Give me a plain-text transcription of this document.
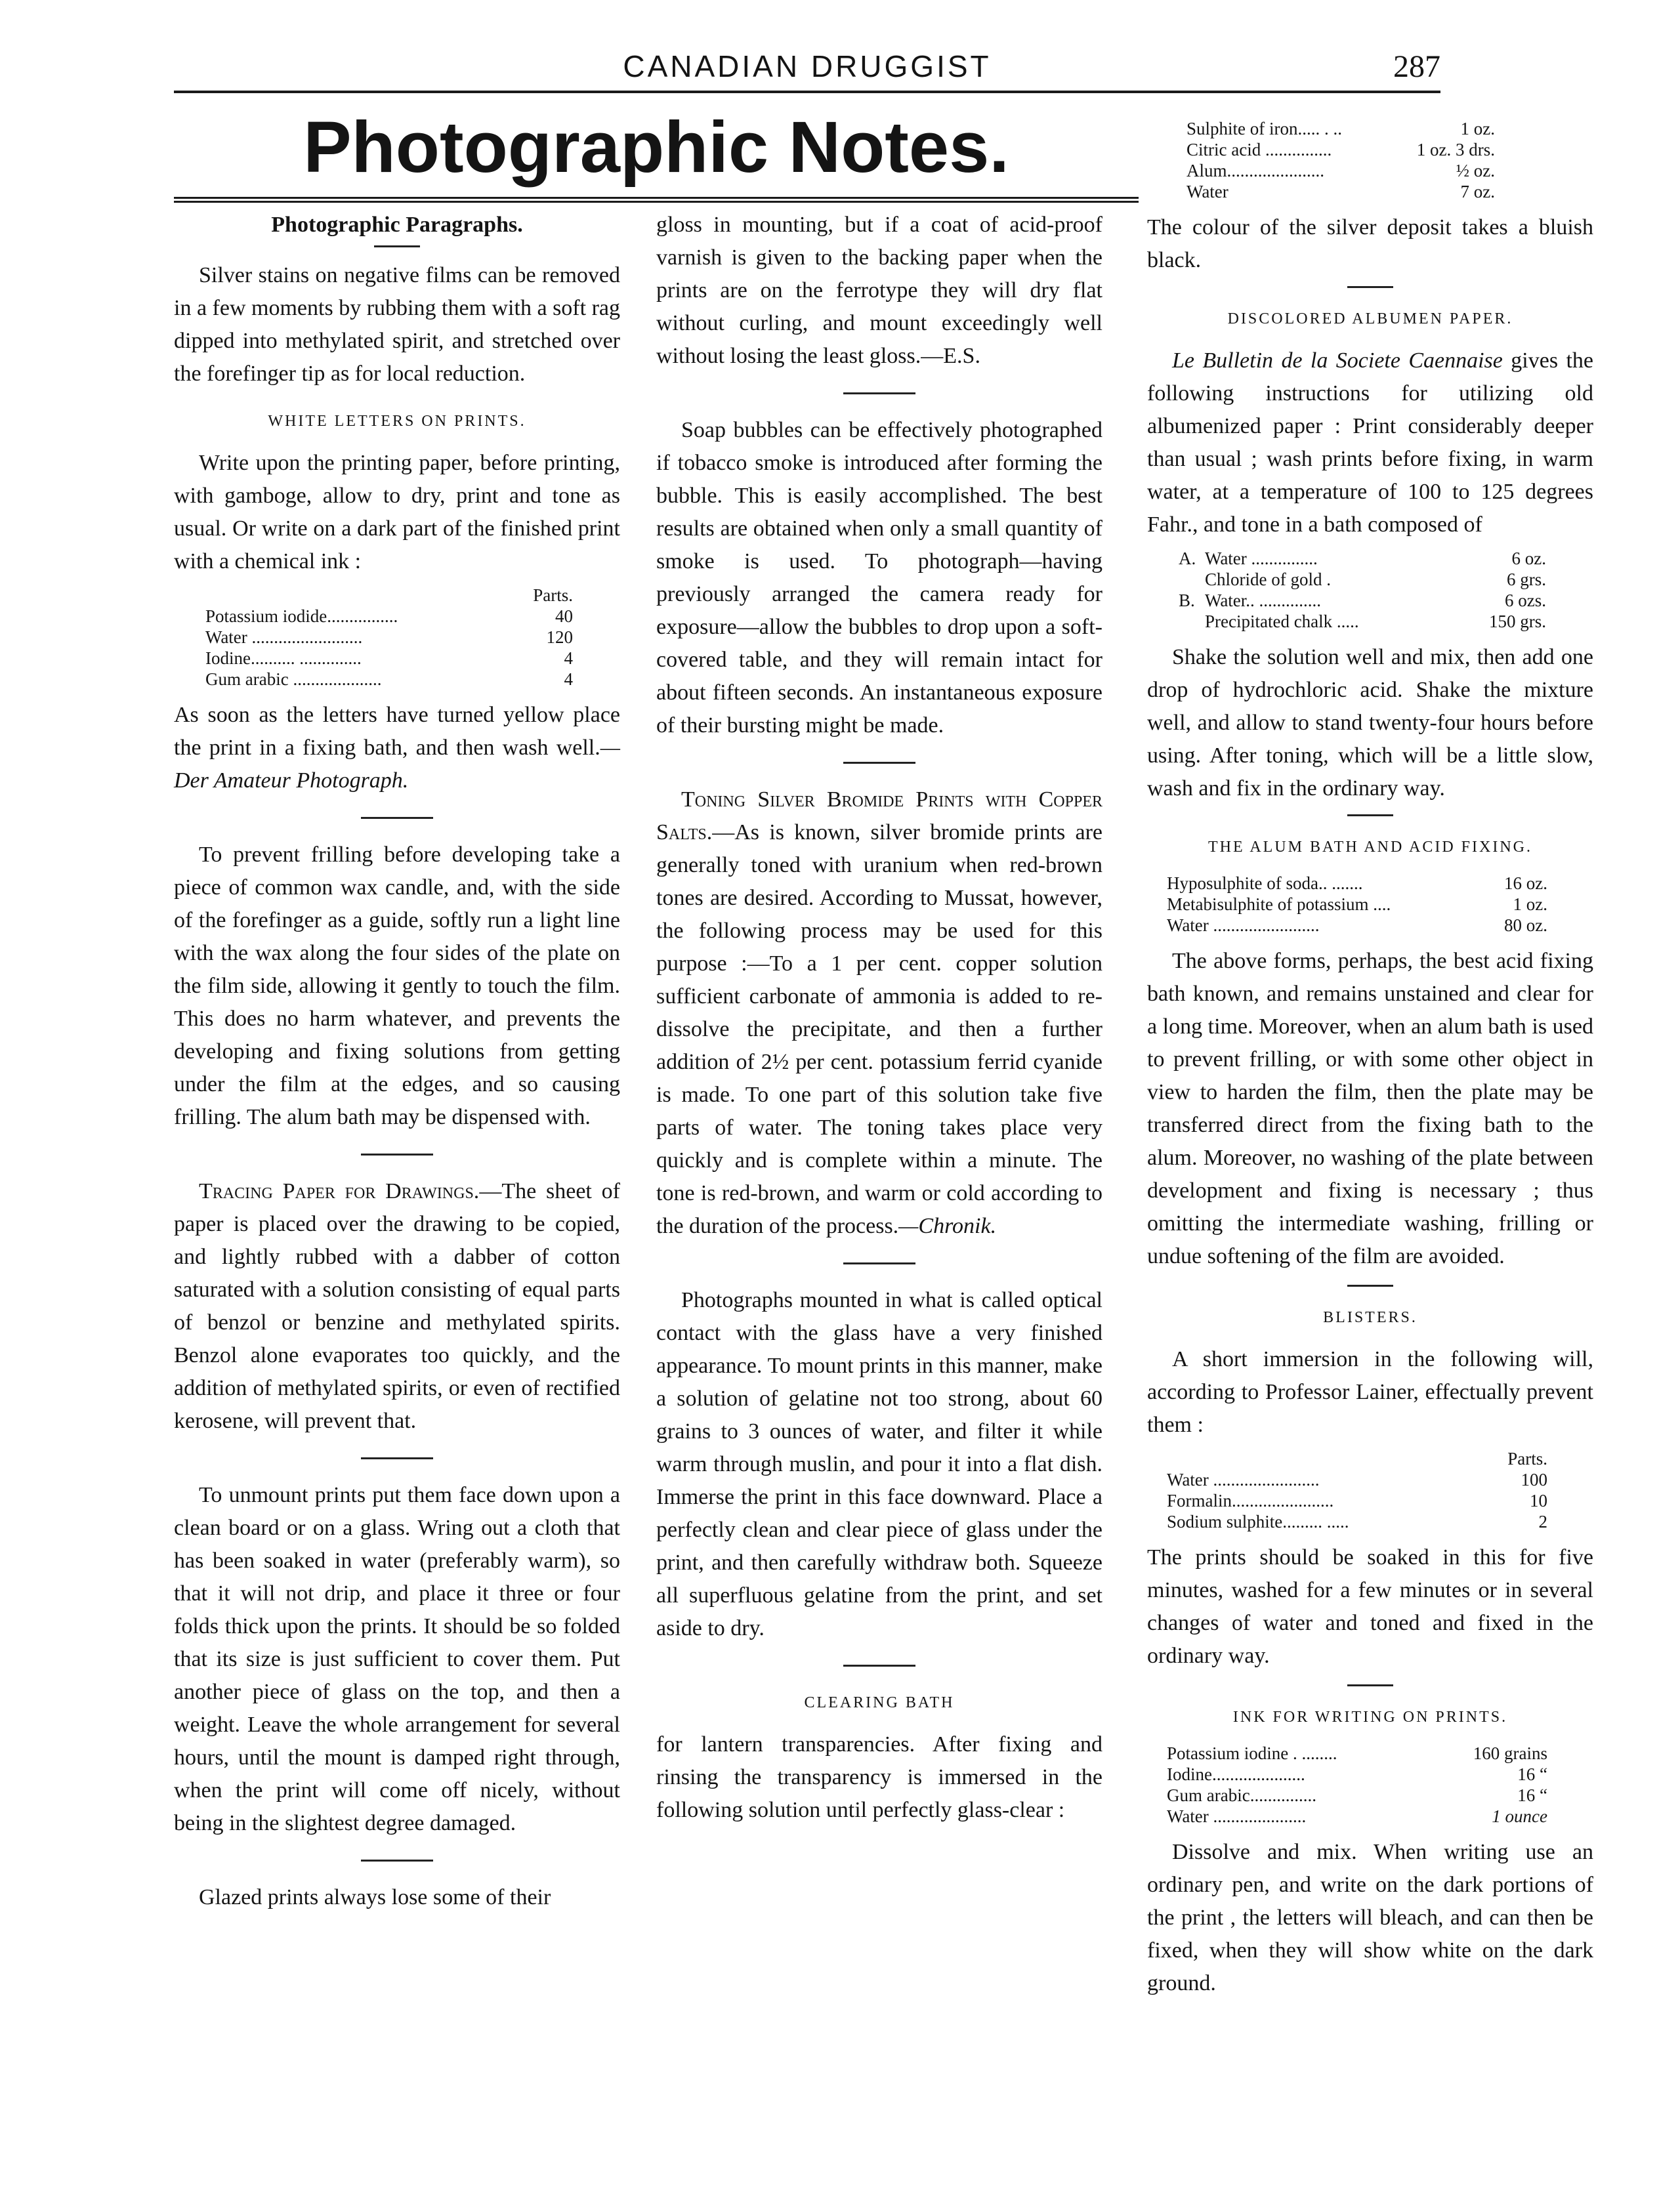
CANADIAN DRUGGIST	287
Photographic Notes.
Photographic Paragraphs.

Silver stains on negative films can be removed in a few moments by rubbing them with a soft rag dipped into methylated spirit, and stretched over the forefinger tip as for local reduction.

WHITE LETTERS ON PRINTS.

Write upon the printing paper, before printing, with gamboge, allow to dry, print and tone as usual. Or write on a dark part of the finished print with a chemical ink :

Parts.
Potassium iodide................	40
Water .........................	120
Iodine.......... ..............	4
Gum arabic ....................	4

As soon as the letters have turned yellow place the print in a fixing bath, and then wash well.—Der Amateur Photograph.

To prevent frilling before developing take a piece of common wax candle, and, with the side of the forefinger as a guide, softly run a light line with the wax along the four sides of the plate on the film side, allowing it gently to touch the film. This does no harm whatever, and prevents the developing and fixing solutions from getting under the film at the edges, and so causing frilling. The alum bath may be dispensed with.

Tracing Paper for Drawings.—The sheet of paper is placed over the drawing to be copied, and lightly rubbed with a dabber of cotton saturated with a solution consisting of equal parts of benzol or benzine and methylated spirits. Benzol alone evaporates too quickly, and the addition of methylated spirits, or even of rectified kerosene, will prevent that.

To unmount prints put them face down upon a clean board or on a glass. Wring out a cloth that has been soaked in water (preferably warm), so that it will not drip, and place it three or four folds thick upon the prints. It should be so folded that its size is just sufficient to cover them. Put another piece of glass on the top, and then a weight. Leave the whole arrangement for several hours, until the mount is damped right through, when the print will come off nicely, without being in the slightest degree damaged.

Glazed prints always lose some of their

gloss in mounting, but if a coat of acid-proof varnish is given to the backing paper when the prints are on the ferrotype they will dry flat without curling, and mount exceedingly well without losing the least gloss.—E.S.

Soap bubbles can be effectively photographed if tobacco smoke is introduced after forming the bubble. This is easily accomplished. The best results are obtained when only a small quantity of smoke is used. To photograph—having previously arranged the camera ready for exposure—allow the bubbles to drop upon a soft-covered table, and they will remain intact for about fifteen seconds. An instantaneous exposure of their bursting might be made.

Toning Silver Bromide Prints with Copper Salts.—As is known, silver bromide prints are generally toned with uranium when red-brown tones are desired. According to Mussat, however, the following process may be used for this purpose :—To a 1 per cent. copper solution sufficient carbonate of ammonia is added to re-dissolve the precipitate, and then a further addition of 2½ per cent. potassium ferrid cyanide is made. To one part of this solution take five parts of water. The toning takes place very quickly and is complete within a minute. The tone is red-brown, and warm or cold according to the duration of the process.—Chronik.

Photographs mounted in what is called optical contact with the glass have a very finished appearance. To mount prints in this manner, make a solution of gelatine not too strong, about 60 grains to 3 ounces of water, and filter it while warm through muslin, and pour it into a flat dish. Immerse the print in this face downward. Place a perfectly clean and clear piece of glass under the print, and then carefully withdraw both. Squeeze all superfluous gelatine from the print, and set aside to dry.

CLEARING BATH

for lantern transparencies. After fixing and rinsing the transparency is immersed in the following solution until perfectly glass-clear :

Sulphite of iron..... . ..	1 oz.
Citric acid ...............	1 oz. 3 drs.
Alum......................	½ oz.
Water	7 oz.

The colour of the silver deposit takes a bluish black.

DISCOLORED ALBUMEN PAPER.

Le Bulletin de la Societe Caennaise gives the following instructions for utilizing old albumenized paper : Print considerably deeper than usual ; wash prints before fixing, in warm water, at a temperature of 100 to 125 degrees Fahr., and tone in a bath composed of

A. Water ...............	6 oz.
Chloride of gold .	6 grs.
B. Water.. ..............	6 ozs.
Precipitated chalk .....	150 grs.

Shake the solution well and mix, then add one drop of hydrochloric acid. Shake the mixture well, and allow to stand twenty-four hours before using. After toning, which will be a little slow, wash and fix in the ordinary way.

THE ALUM BATH AND ACID FIXING.
Hyposulphite of soda.. .......	16 oz.
Metabisulphite of potassium ....	1 oz.
Water ........................	80 oz.

The above forms, perhaps, the best acid fixing bath known, and remains unstained and clear for a long time. Moreover, when an alum bath is used to prevent frilling, or with some other object in view to harden the film, then the plate may be transferred direct from the fixing bath to the alum. Moreover, no washing of the plate between development and fixing is necessary ; thus omitting the intermediate washing, frilling or undue softening of the film are avoided.

BLISTERS.

A short immersion in the following will, according to Professor Lainer, effectually prevent them :

Parts.
Water ........................	100
Formalin.......................	10
Sodium sulphite......... .....	2

The prints should be soaked in this for five minutes, washed for a few minutes or in several changes of water and toned and fixed in the ordinary way.

INK FOR WRITING ON PRINTS.
Potassium iodine . ........	160 grains
Iodine.....................	16 “
Gum arabic...............	16 “
Water .....................	1 ounce

Dissolve and mix. When writing use an ordinary pen, and write on the dark portions of the print , the letters will bleach, and can then be fixed, when they will show white on the dark ground.
